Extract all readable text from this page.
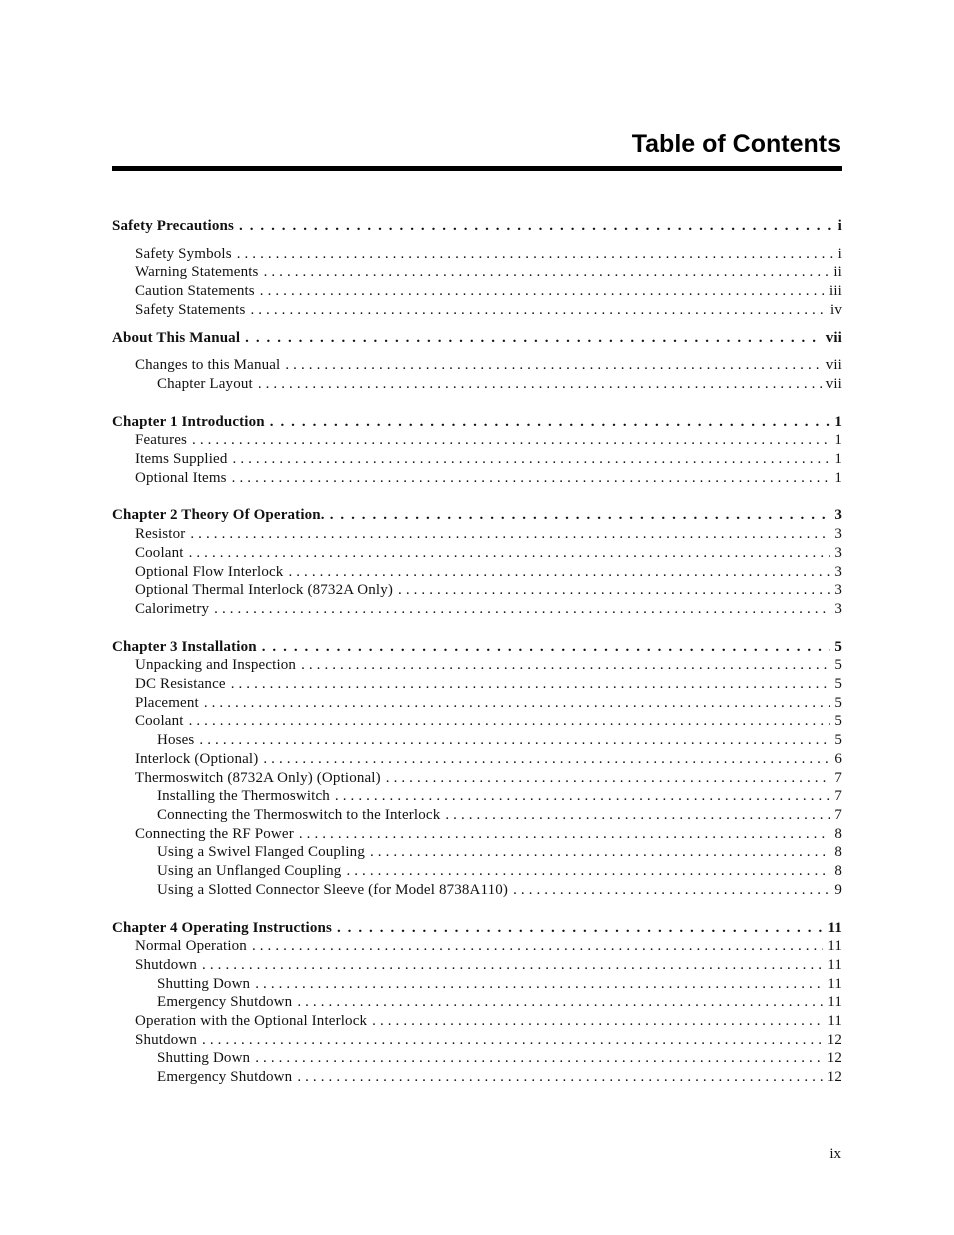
Table of Contents
Safety Precautions . . .	i
Safety Symbols . . .	i
Warning Statements . . .	ii
Caution Statements . . .	iii
Safety Statements . . .	iv
About This Manual . . .	vii
Changes to this Manual . . .	vii
Chapter Layout . . .	vii
Chapter 1 Introduction . . .	1
Features . . .	1
Items Supplied . . .	1
Optional Items . . .	1
Chapter 2 Theory Of Operation. . . .	3
Resistor . . .	3
Coolant . . .	3
Optional Flow Interlock . . .	3
Optional Thermal Interlock (8732A Only) . . .	3
Calorimetry . . .	3
Chapter 3 Installation . . .	5
Unpacking and Inspection . . .	5
DC Resistance . . .	5
Placement . . .	5
Coolant . . .	5
Hoses . . .	5
Interlock (Optional) . . .	6
Thermoswitch (8732A Only) (Optional) . . .	7
Installing the Thermoswitch . . .	7
Connecting the Thermoswitch to the Interlock . . .	7
Connecting the RF Power . . .	8
Using a Swivel Flanged Coupling . . .	8
Using an Unflanged Coupling . . .	8
Using a Slotted Connector Sleeve (for Model 8738A110) . . .	9
Chapter 4 Operating Instructions . . .	11
Normal Operation . . .	11
Shutdown . . .	11
Shutting Down . . .	11
Emergency Shutdown . . .	11
Operation with the Optional Interlock . . .	11
Shutdown . . .	12
Shutting Down . . .	12
Emergency Shutdown . . .	12

ix
